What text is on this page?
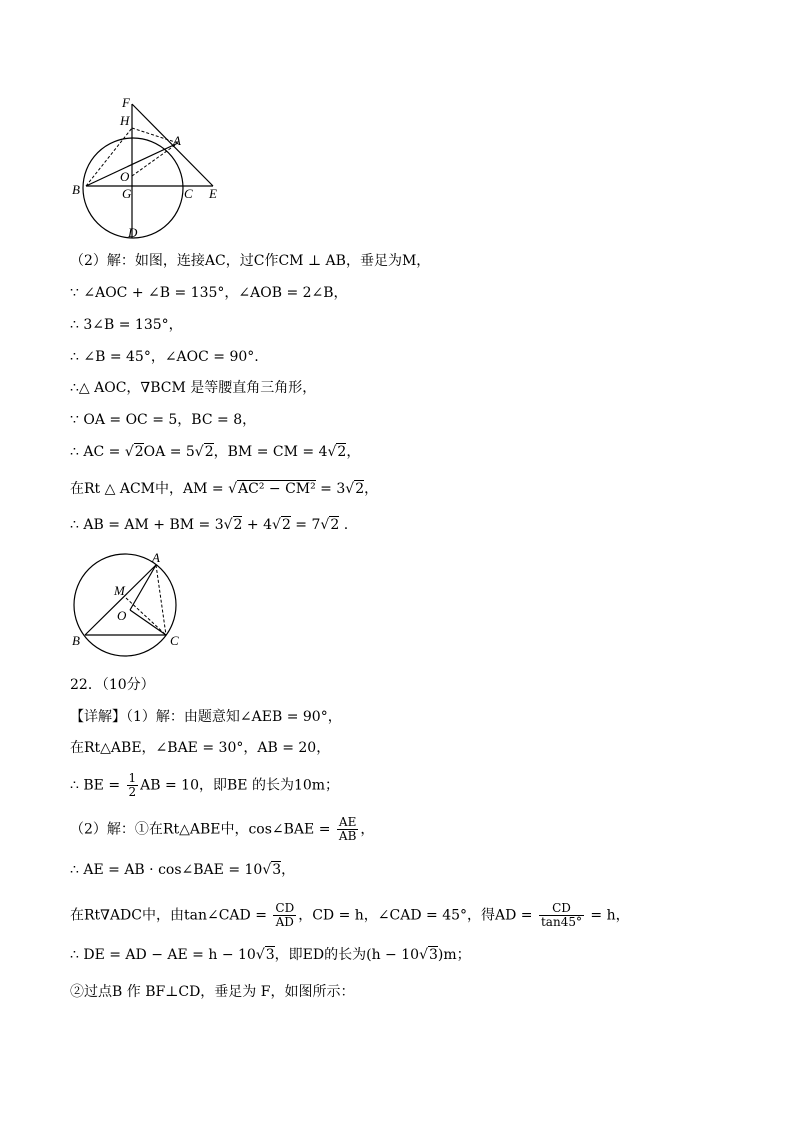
F
H
A
O
B	G	C E
D
（2）解：如图，连接AC，过C作CM ⊥ AB，垂足为M，
∵ ∠AOC + ∠B = 135°，∠AOB = 2∠B，
∴ 3∠B = 135°，
∴ ∠B = 45°，∠AOC = 90°.
∴△ AOC，∇BCM 是等腰直角三角形，
∵ OA = OC = 5，BC = 8，
∴ AC = √2OA = 5√2，BM = CM = 4√2，
在Rt △ ACM中，AM = √AC² − CM² = 3√2，
∴ AB = AM + BM = 3√2 + 4√2 = 7√2 .
A
M
O
B	C
22．（10分）
【详解】（1）解：由题意知∠AEB = 90°，
在Rt△ABE，∠BAE = 30°，AB = 20，
∴ BE = $\frac{1}{2}$ AB = 10，即BE 的长为10m；
（2）解：①在Rt△ABE中，cos∠BAE = $\frac{AE}{AB}$ ，
∴ AE = AB · cos∠BAE = 10√3，
在Rt∇ADC中，由tan∠CAD = $\frac{CD}{AD}$ ，CD = h，∠CAD = 45°，得AD = $\frac{CD}{\tan 45^\circ} = h$，
∴ DE = AD − AE = h − 10√3，即ED的长为(h − 10√3)m；
②过点B 作 BF⊥CD，垂足为 F，如图所示：
